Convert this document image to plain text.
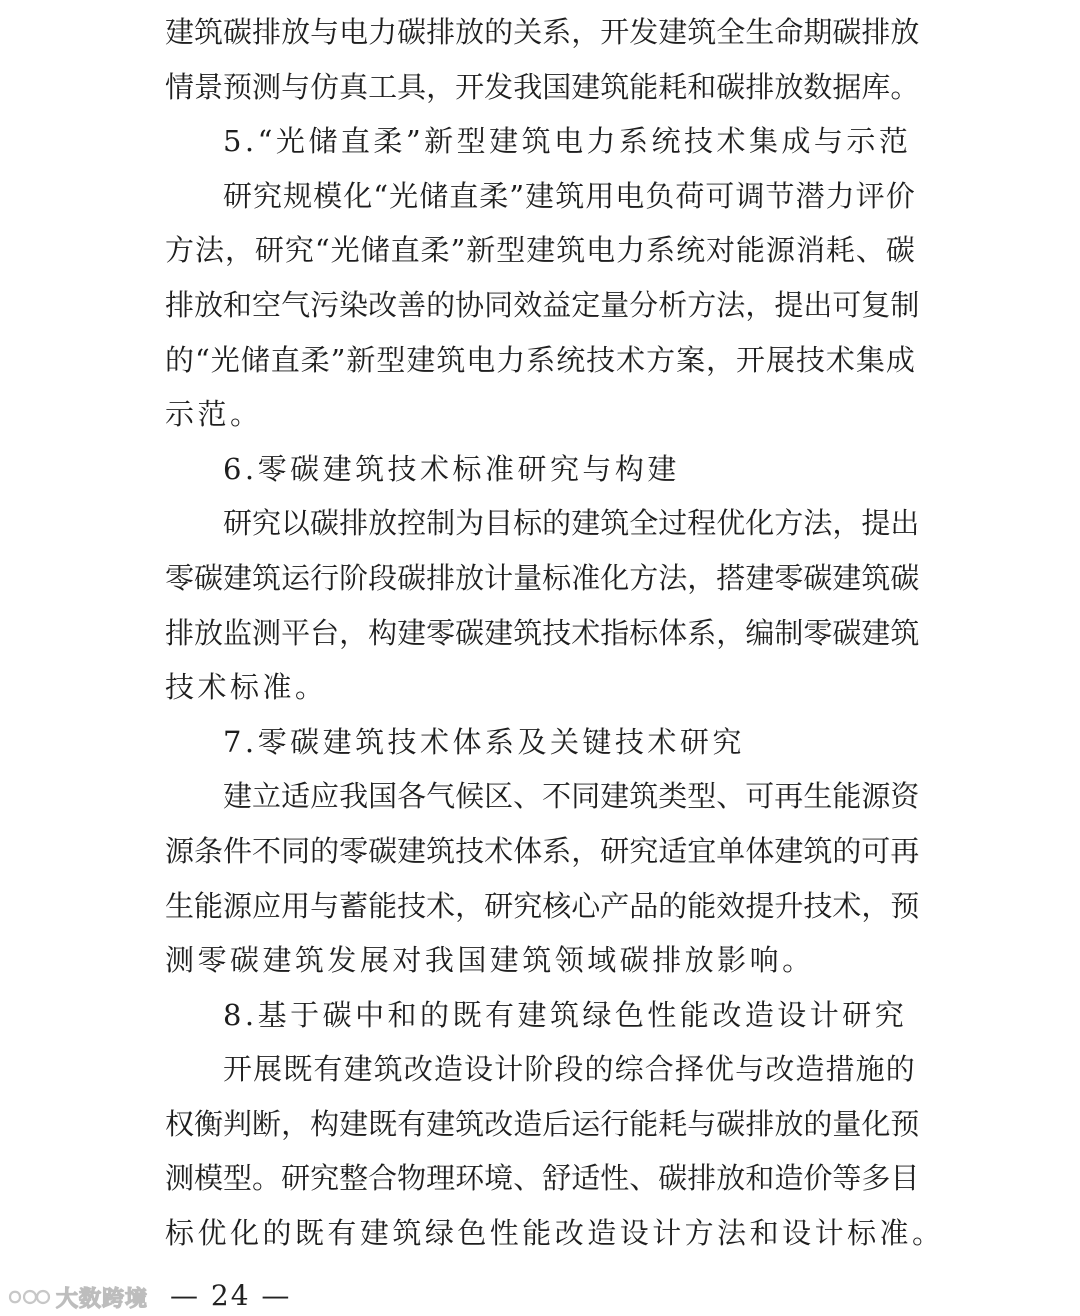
建 筑 碳 排 放 与 电 力 碳 排 放 的 关 系 ， 开 发 建 筑 全 生 命 期 碳 排 放
情 景 预 测 与 仿 真 工 具 ， 开 发 我 国 建 筑 能 耗 和 碳 排 放 数 据 库 。
5.“光储直柔”新型建筑电力系统技术集成与示范
研 究 规 模 化 “ 光 储 直 柔 ” 建 筑 用 电 负 荷 可 调 节 潜 力 评 价
方 法 ， 研 究 “ 光 储 直 柔 ” 新 型 建 筑 电 力 系 统 对 能 源 消 耗 、 碳
排 放 和 空 气 污 染 改 善 的 协 同 效 益 定 量 分 析 方 法 ， 提 出 可 复 制
的 “ 光 储 直 柔 ” 新 型 建 筑 电 力 系 统 技 术 方 案 ， 开 展 技 术 集 成
示范。
6.零碳建筑技术标准研究与构建
研 究 以 碳 排 放 控 制 为 目 标 的 建 筑 全 过 程 优 化 方 法 ， 提 出
零 碳 建 筑 运 行 阶 段 碳 排 放 计 量 标 准 化 方 法 ， 搭 建 零 碳 建 筑 碳
排 放 监 测 平 台 ， 构 建 零 碳 建 筑 技 术 指 标 体 系 ， 编 制 零 碳 建 筑
技术标准。
7.零碳建筑技术体系及关键技术研究
建 立 适 应 我 国 各 气 候 区 、 不 同 建 筑 类 型 、 可 再 生 能 源 资
源 条 件 不 同 的 零 碳 建 筑 技 术 体 系 ， 研 究 适 宜 单 体 建 筑 的 可 再
生 能 源 应 用 与 蓄 能 技 术 ， 研 究 核 心 产 品 的 能 效 提 升 技 术 ， 预
测零碳建筑发展对我国建筑领域碳排放影响。
8.基于碳中和的既有建筑绿色性能改造设计研究
开 展 既 有 建 筑 改 造 设 计 阶 段 的 综 合 择 优 与 改 造 措 施 的
权 衡 判 断 ， 构 建 既 有 建 筑 改 造 后 运 行 能 耗 与 碳 排 放 的 量 化 预
测 模 型 。 研 究 整 合 物 理 环 境 、 舒 适 性 、 碳 排 放 和 造 价 等 多 目
标优化的既有建筑绿色性能改造设计方法和设计标准。
大数跨境 — 24 —
